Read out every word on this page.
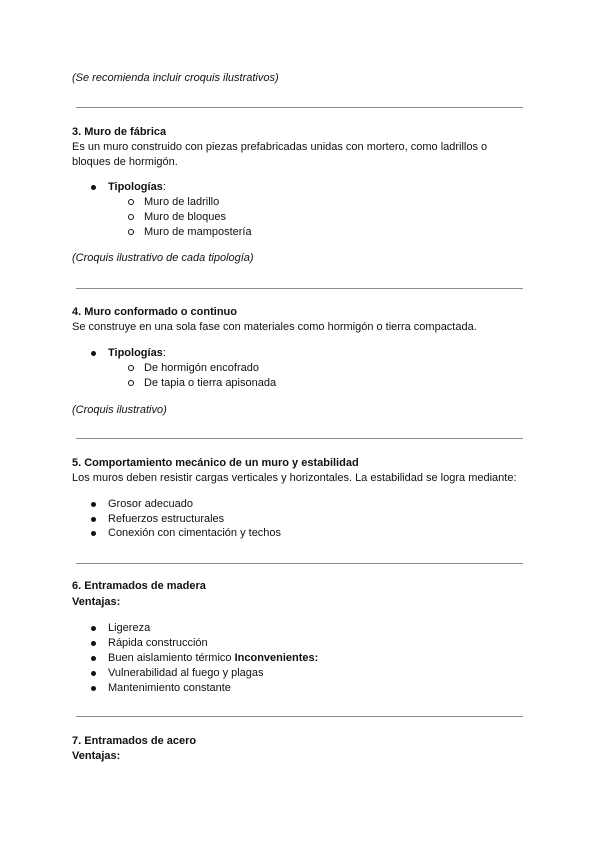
(Se recomienda incluir croquis ilustrativos)
3. Muro de fábrica
Es un muro construido con piezas prefabricadas unidas con mortero, como ladrillos o
bloques de hormigón.
Tipologías:
Muro de ladrillo
Muro de bloques
Muro de mampostería
(Croquis ilustrativo de cada tipología)
4. Muro conformado o continuo
Se construye en una sola fase con materiales como hormigón o tierra compactada.
Tipologías:
De hormigón encofrado
De tapia o tierra apisonada
(Croquis ilustrativo)
5. Comportamiento mecánico de un muro y estabilidad
Los muros deben resistir cargas verticales y horizontales. La estabilidad se logra mediante:
Grosor adecuado
Refuerzos estructurales
Conexión con cimentación y techos
6. Entramados de madera
Ventajas:
Ligereza
Rápida construcción
Buen aislamiento térmico Inconvenientes:
Vulnerabilidad al fuego y plagas
Mantenimiento constante
7. Entramados de acero
Ventajas:
